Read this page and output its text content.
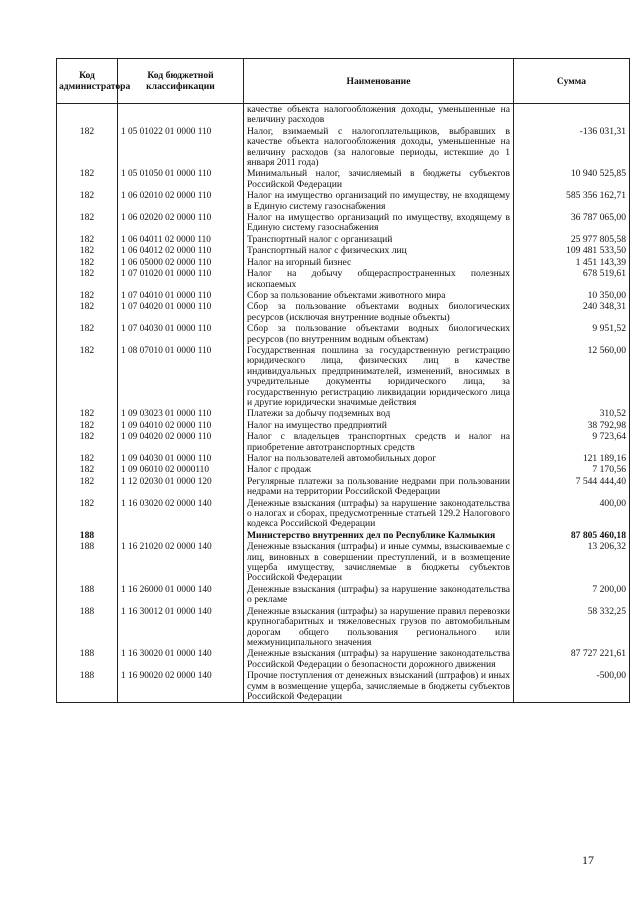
Код администратора	Код бюджетной классификации	Наименование	Сумма
		качестве объекта налогообложения доходы, уменьшенные на величину расходов	
182	1 05 01022 01 0000 110	Налог, взимаемый с налогоплательщиков, выбравших в качестве объекта налогообложения доходы, уменьшенные на величину расходов (за налоговые периоды, истекшие до 1 января 2011 года)	-136 031,31
182	1 05 01050 01 0000 110	Минимальный налог, зачисляемый в бюджеты субъектов Российской Федерации	10 940 525,85
182	1 06 02010 02 0000 110	Налог на имущество организаций по имуществу, не входящему в Единую систему газоснабжения	585 356 162,71
182	1 06 02020 02 0000 110	Налог на имущество организаций по имуществу, входящему в Единую систему газоснабжения	36 787 065,00
182	1 06 04011 02 0000 110	Транспортный налог с организаций	25 977 805,58
182	1 06 04012 02 0000 110	Транспортный налог с физических лиц	109 481 533,50
182	1 06 05000 02 0000 110	Налог на игорный бизнес	1 451 143,39
182	1 07 01020 01 0000 110	Налог на добычу общераспространенных полезных ископаемых	678 519,61
182	1 07 04010 01 0000 110	Сбор за пользование объектами животного мира	10 350,00
182	1 07 04020 01 0000 110	Сбор за пользование объектами водных биологических ресурсов (исключая внутренние водные объекты)	240 348,31
182	1 07 04030 01 0000 110	Сбор за пользование объектами водных биологических ресурсов (по внутренним водным объектам)	9 951,52
182	1 08 07010 01 0000 110	Государственная пошлина за государственную регистрацию юридического лица, физических лиц в качестве индивидуальных предпринимателей, изменений, вносимых в учредительные документы юридического лица, за государственную регистрацию ликвидации юридического лица и другие юридически значимые действия	12 560,00
182	1 09 03023 01 0000 110	Платежи за добычу подземных вод	310,52
182	1 09 04010 02 0000 110	Налог на имущество предприятий	38 792,98
182	1 09 04020 02 0000 110	Налог с владельцев транспортных средств и налог на приобретение автотранспортных средств	9 723,64
182	1 09 04030 01 0000 110	Налог на пользователей автомобильных дорог	121 189,16
182	1 09 06010 02 0000110	Налог с продаж	7 170,56
182	1 12 02030 01 0000 120	Регулярные платежи за пользование недрами при пользовании недрами на территории Российской Федерации	7 544 444,40
182	1 16 03020 02 0000 140	Денежные взыскания (штрафы) за нарушение законодательства о налогах и сборах, предусмотренные статьей 129.2 Налогового кодекса Российской Федерации	400,00
188		Министерство внутренних дел по Республике Калмыкия	87 805 460,18
188	1 16 21020 02 0000 140	Денежные взыскания (штрафы) и иные суммы, взыскиваемые с лиц, виновных в совершении преступлений, и в возмещение ущерба имуществу, зачисляемые в бюджеты субъектов Российской Федерации	13 206,32
188	1 16 26000 01 0000 140	Денежные взыскания (штрафы) за нарушение законодательства о рекламе	7 200,00
188	1 16 30012 01 0000 140	Денежные взыскания (штрафы) за нарушение правил перевозки крупногабаритных и тяжеловесных грузов по автомобильным дорогам общего пользования регионального или межмуниципального значения	58 332,25
188	1 16 30020 01 0000 140	Денежные взыскания (штрафы) за нарушение законодательства Российской Федерации о безопасности дорожного движения	87 727 221,61
188	1 16 90020 02 0000 140	Прочие поступления от денежных взысканий (штрафов) и иных сумм в возмещение ущерба, зачисляемые в бюджеты субъектов Российской Федерации	-500,00
17
